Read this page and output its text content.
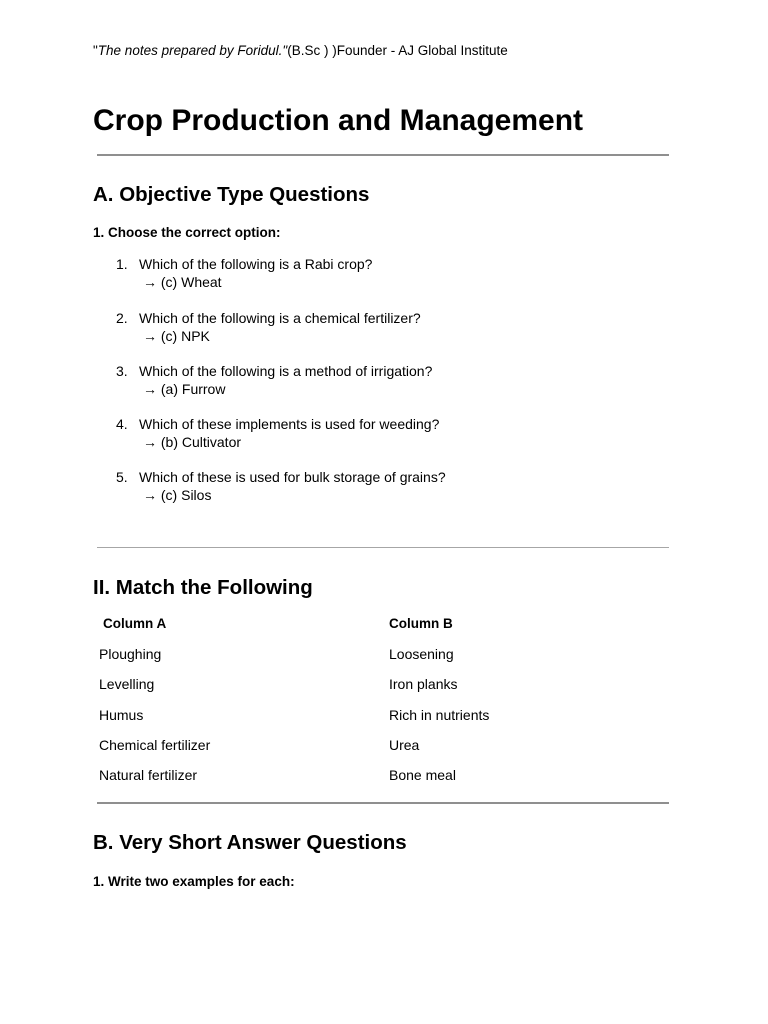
"The notes prepared by Foridul."(B.Sc ) )Founder - AJ Global Institute
Crop Production and Management
A. Objective Type Questions
1. Choose the correct option:
1. Which of the following is a Rabi crop?
→ (c) Wheat
2. Which of the following is a chemical fertilizer?
→ (c) NPK
3. Which of the following is a method of irrigation?
→ (a) Furrow
4. Which of these implements is used for weeding?
→ (b) Cultivator
5. Which of these is used for bulk storage of grains?
→ (c) Silos
II. Match the Following
Column A	Column B
Ploughing	Loosening
Levelling	Iron planks
Humus	Rich in nutrients
Chemical fertilizer	Urea
Natural fertilizer	Bone meal
B. Very Short Answer Questions
1. Write two examples for each:
